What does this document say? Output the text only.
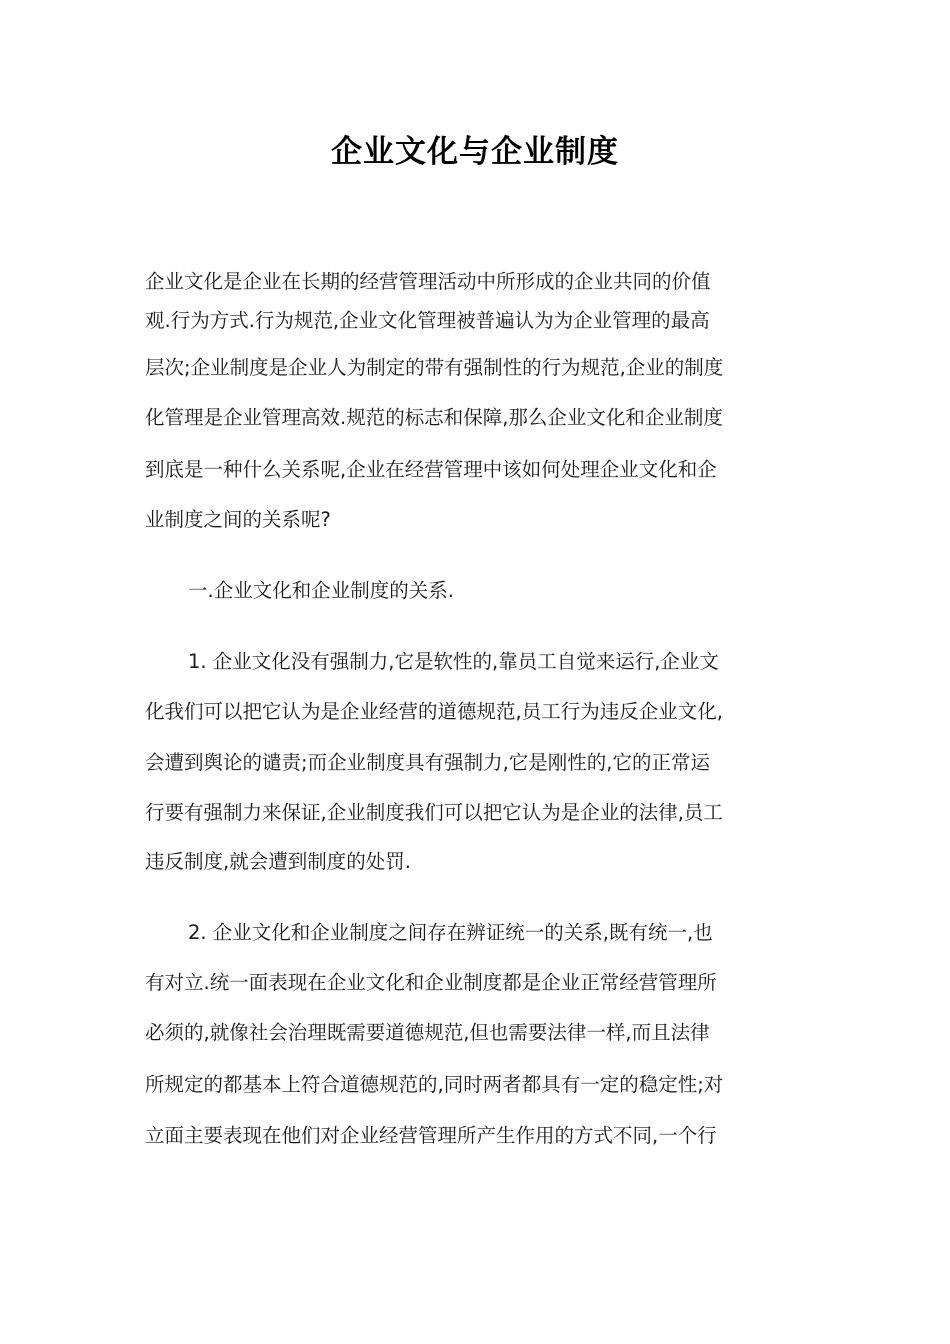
企业文化与企业制度
企业文化是企业在长期的经营管理活动中所形成的企业共同的价值
观.行为方式.行为规范,企业文化管理被普遍认为为企业管理的最高
层次;企业制度是企业人为制定的带有强制性的行为规范,企业的制度
化管理是企业管理高效.规范的标志和保障,那么企业文化和企业制度
到底是一种什么关系呢,企业在经营管理中该如何处理企业文化和企
业制度之间的关系呢?
一.企业文化和企业制度的关系.
1. 企业文化没有强制力,它是软性的,靠员工自觉来运行,企业文
化我们可以把它认为是企业经营的道德规范,员工行为违反企业文化,
会遭到舆论的谴责;而企业制度具有强制力,它是刚性的,它的正常运
行要有强制力来保证,企业制度我们可以把它认为是企业的法律,员工
违反制度,就会遭到制度的处罚.
2. 企业文化和企业制度之间存在辨证统一的关系,既有统一,也
有对立.统一面表现在企业文化和企业制度都是企业正常经营管理所
必须的,就像社会治理既需要道德规范,但也需要法律一样,而且法律
所规定的都基本上符合道德规范的,同时两者都具有一定的稳定性;对
立面主要表现在他们对企业经营管理所产生作用的方式不同,一个行
